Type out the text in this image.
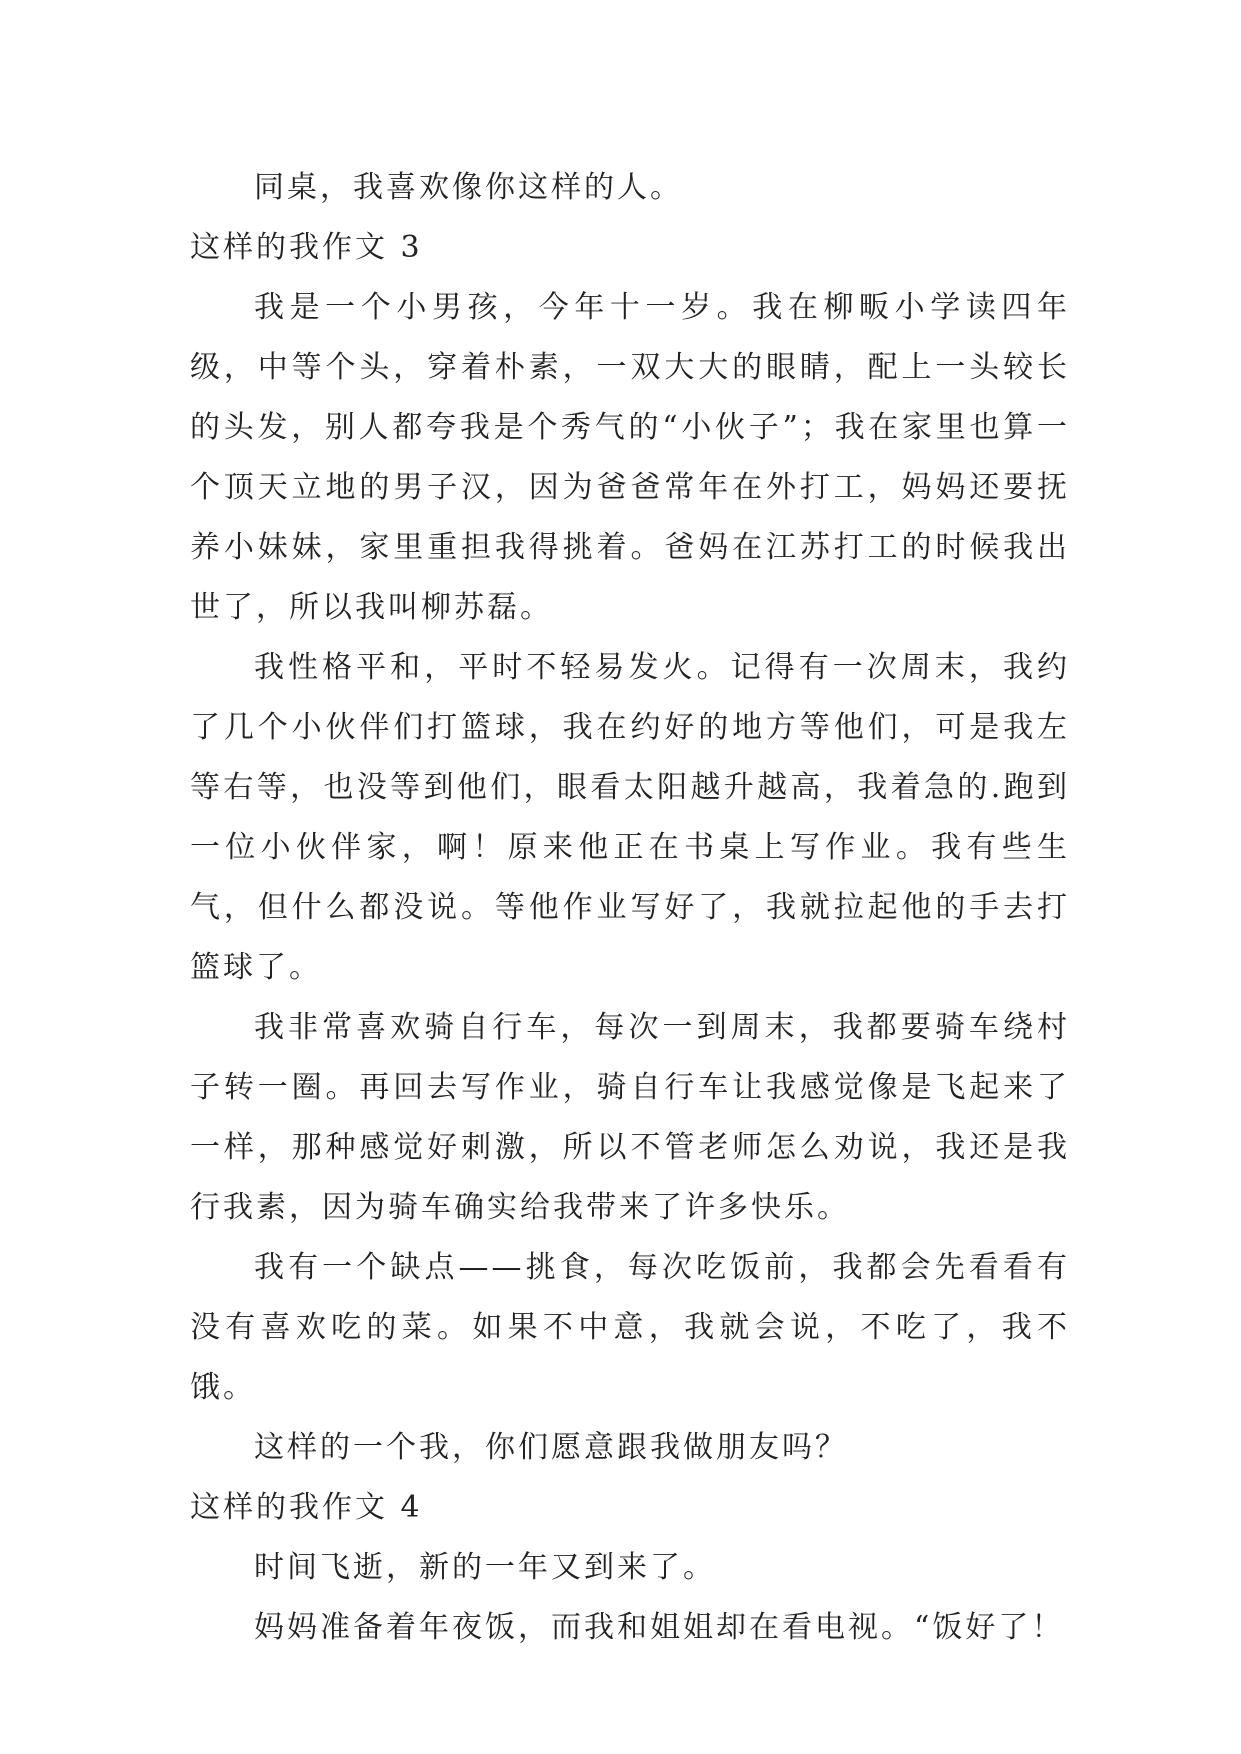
同桌，我喜欢像你这样的人。

这样的我作文 3

我是一个小男孩，今年十一岁。我在柳畈小学读四年级，中等个头，穿着朴素，一双大大的眼睛，配上一头较长的头发，别人都夸我是个秀气的“小伙子”；我在家里也算一个顶天立地的男子汉，因为爸爸常年在外打工，妈妈还要抚养小妹妹，家里重担我得挑着。爸妈在江苏打工的时候我出世了，所以我叫柳苏磊。

我性格平和，平时不轻易发火。记得有一次周末，我约了几个小伙伴们打篮球，我在约好的地方等他们，可是我左等右等，也没等到他们，眼看太阳越升越高，我着急的.跑到一位小伙伴家，啊！原来他正在书桌上写作业。我有些生气，但什么都没说。等他作业写好了，我就拉起他的手去打篮球了。

我非常喜欢骑自行车，每次一到周末，我都要骑车绕村子转一圈。再回去写作业，骑自行车让我感觉像是飞起来了一样，那种感觉好刺激，所以不管老师怎么劝说，我还是我行我素，因为骑车确实给我带来了许多快乐。

我有一个缺点——挑食，每次吃饭前，我都会先看看有没有喜欢吃的菜。如果不中意，我就会说，不吃了，我不饿。

这样的一个我，你们愿意跟我做朋友吗？

这样的我作文 4

时间飞逝，新的一年又到来了。

妈妈准备着年夜饭，而我和姐姐却在看电视。“饭好了！
